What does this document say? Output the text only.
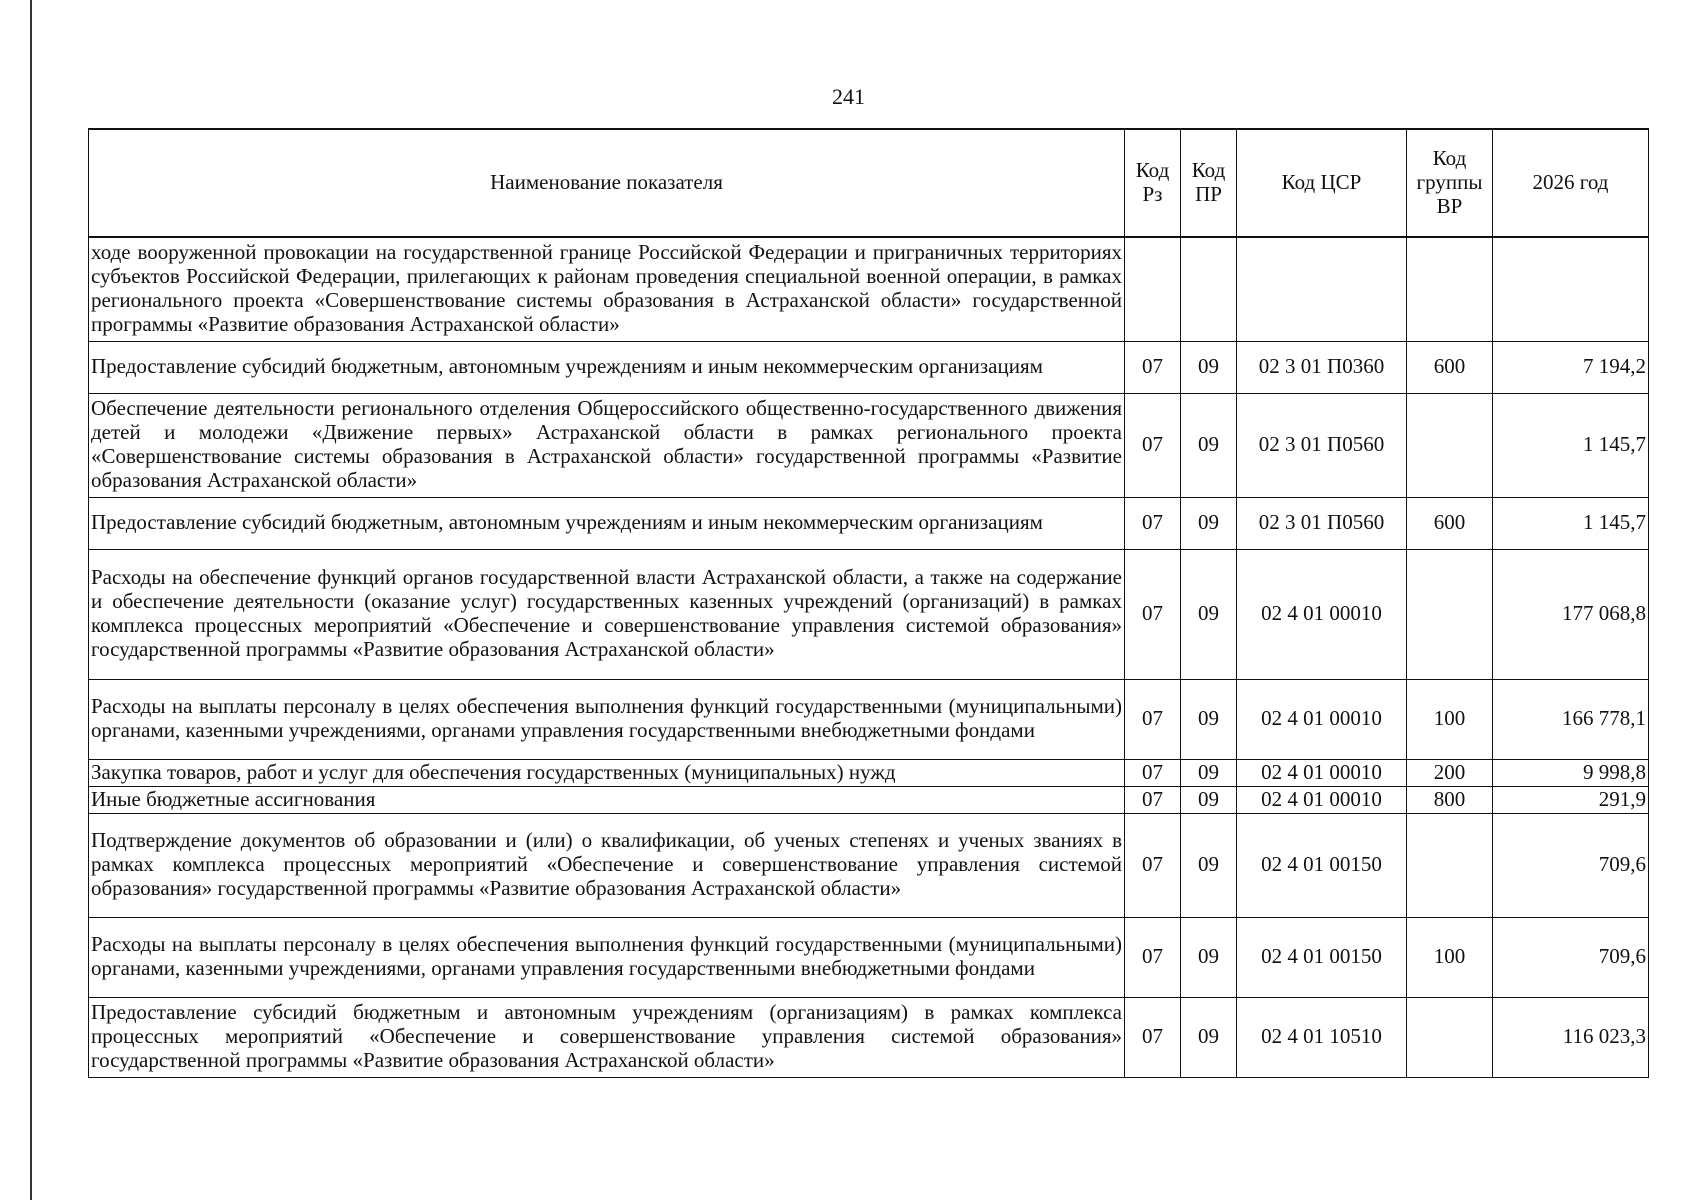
241
Наименование показателя	Код Рз	Код ПР	Код ЦСР	Код группы ВР	2026 год
ходе вооруженной провокации на государственной границе Российской Федерации и приграничных территориях субъектов Российской Федерации, прилегающих к районам проведения специальной военной операции, в рамках регионального проекта «Совершенствование системы образования в Астраханской области» государственной программы «Развитие образования Астраханской области»					
Предоставление субсидий бюджетным, автономным учреждениям и иным некоммерческим организациям	07	09	02 3 01 П0360	600	7 194,2
Обеспечение деятельности регионального отделения Общероссийского общественно-государственного движения детей и молодежи «Движение первых» Астраханской области в рамках регионального проекта «Совершенствование системы образования в Астраханской области» государственной программы «Развитие образования Астраханской области»	07	09	02 3 01 П0560		1 145,7
Предоставление субсидий бюджетным, автономным учреждениям и иным некоммерческим организациям	07	09	02 3 01 П0560	600	1 145,7
Расходы на обеспечение функций органов государственной власти Астраханской области, а также на содержание и обеспечение деятельности (оказание услуг) государственных казенных учреждений (организаций) в рамках комплекса процессных мероприятий «Обеспечение и совершенствование управления системой образования» государственной программы «Развитие образования Астраханской области»	07	09	02 4 01 00010		177 068,8
Расходы на выплаты персоналу в целях обеспечения выполнения функций государственными (муниципальными) органами, казенными учреждениями, органами управления государственными внебюджетными фондами	07	09	02 4 01 00010	100	166 778,1
Закупка товаров, работ и услуг для обеспечения государственных (муниципальных) нужд	07	09	02 4 01 00010	200	9 998,8
Иные бюджетные ассигнования	07	09	02 4 01 00010	800	291,9
Подтверждение документов об образовании и (или) о квалификации, об ученых степенях и ученых званиях в рамках комплекса процессных мероприятий «Обеспечение и совершенствование управления системой образования» государственной программы «Развитие образования Астраханской области»	07	09	02 4 01 00150		709,6
Расходы на выплаты персоналу в целях обеспечения выполнения функций государственными (муниципальными) органами, казенными учреждениями, органами управления государственными внебюджетными фондами	07	09	02 4 01 00150	100	709,6
Предоставление субсидий бюджетным и автономным учреждениям (организациям) в рамках комплекса процессных мероприятий «Обеспечение и совершенствование управления системой образования» государственной программы «Развитие образования Астраханской области»	07	09	02 4 01 10510		116 023,3
